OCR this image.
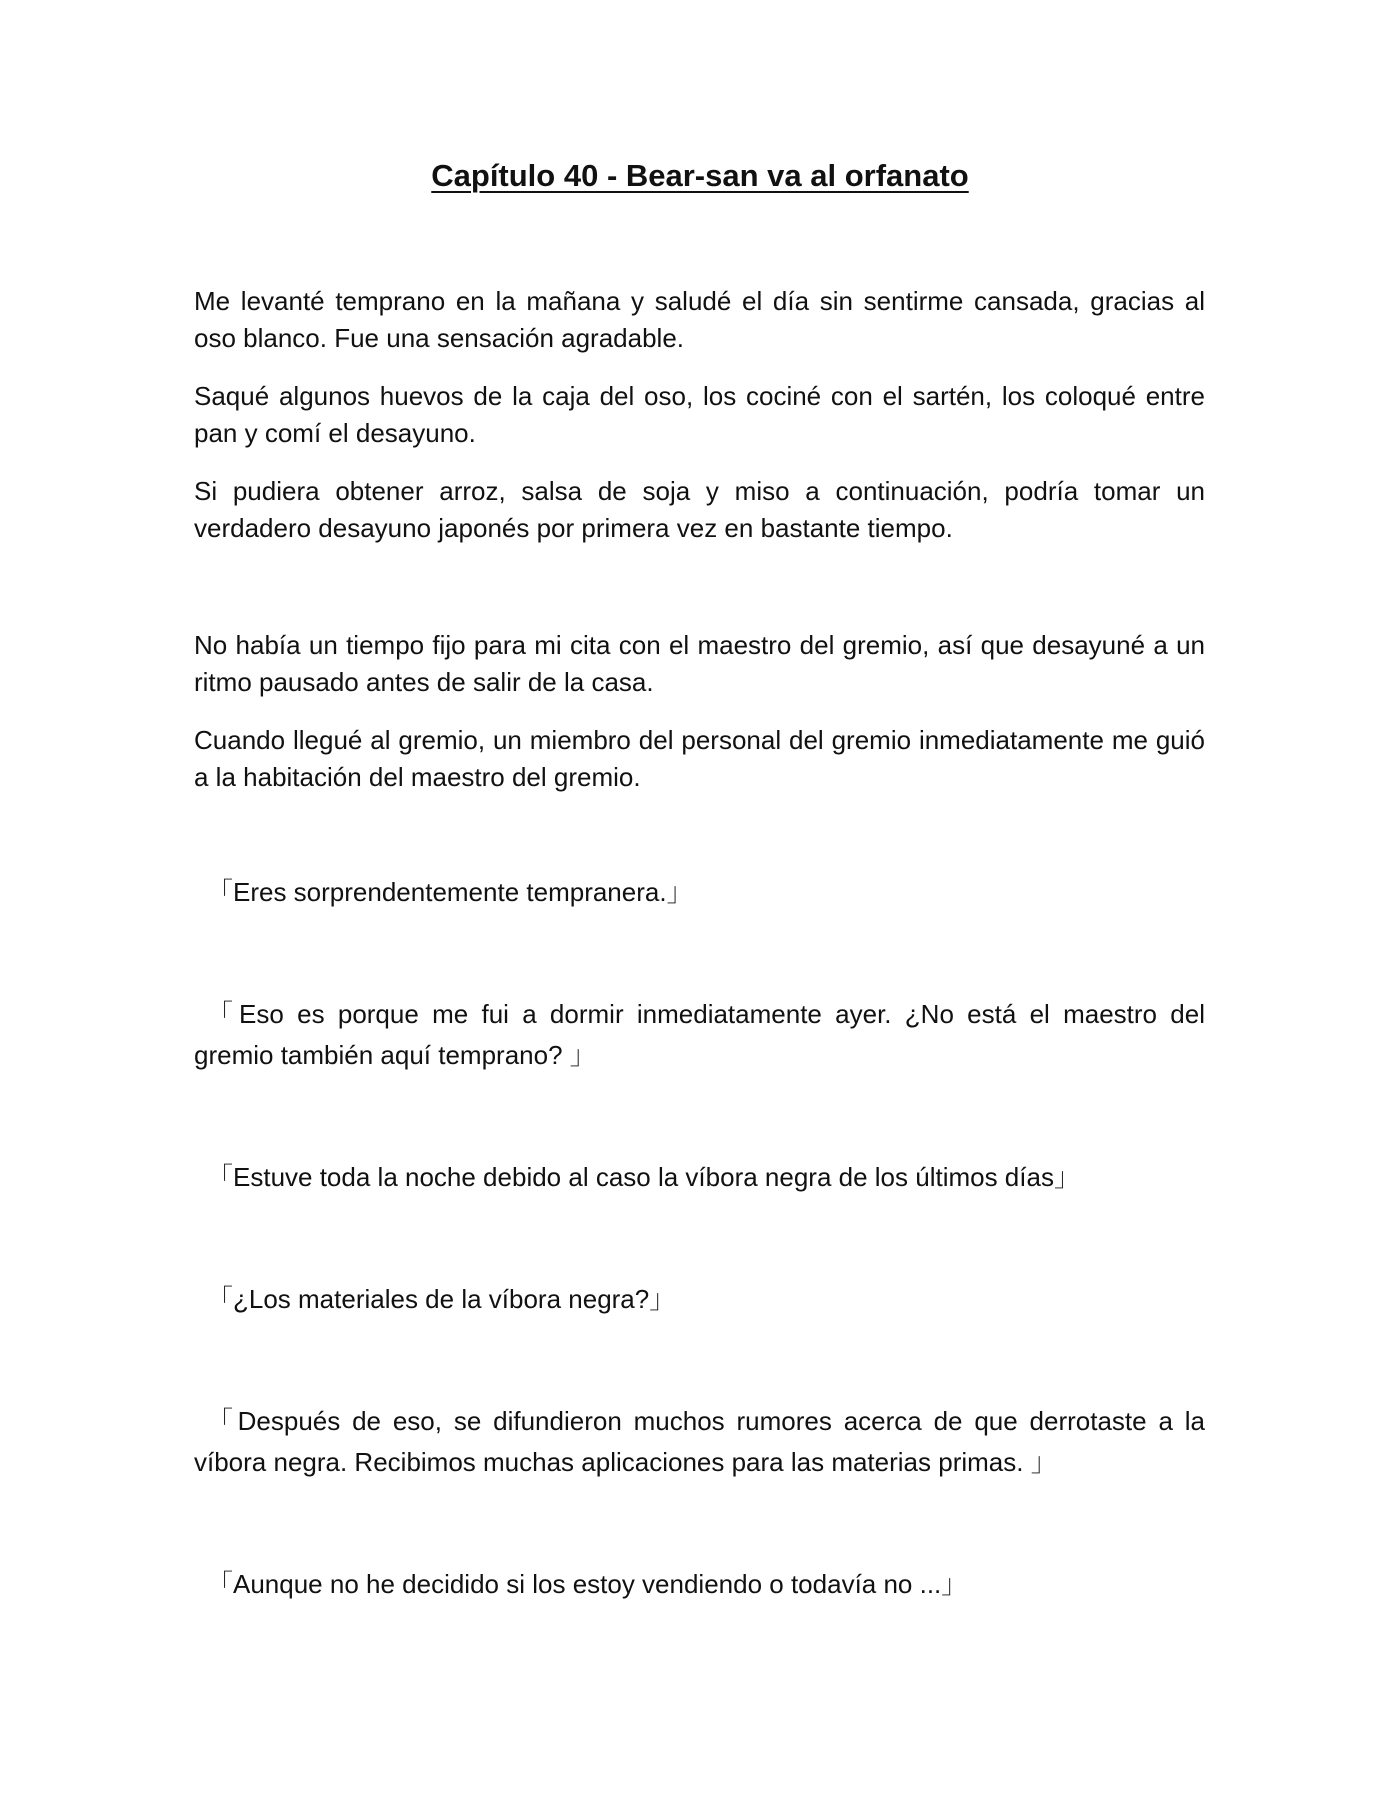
Capítulo 40 - Bear-san va al orfanato

Me levanté temprano en la mañana y saludé el día sin sentirme cansada, gracias al oso blanco. Fue una sensación agradable.

Saqué algunos huevos de la caja del oso, los cociné con el sartén, los coloqué entre pan y comí el desayuno.

Si pudiera obtener arroz, salsa de soja y miso a continuación, podría tomar un verdadero desayuno japonés por primera vez en bastante tiempo.

No había un tiempo fijo para mi cita con el maestro del gremio, así que desayuné a un ritmo pausado antes de salir de la casa.

Cuando llegué al gremio, un miembro del personal del gremio inmediatamente me guió a la habitación del maestro del gremio.

「Eres sorprendentemente tempranera.」

「Eso es porque me fui a dormir inmediatamente ayer. ¿No está el maestro del gremio también aquí temprano? 」

「Estuve toda la noche debido al caso la víbora negra de los últimos días」

「¿Los materiales de la víbora negra?」

「Después de eso, se difundieron muchos rumores acerca de que derrotaste a la víbora negra. Recibimos muchas aplicaciones para las materias primas. 」

「Aunque no he decidido si los estoy vendiendo o todavía no ...」
